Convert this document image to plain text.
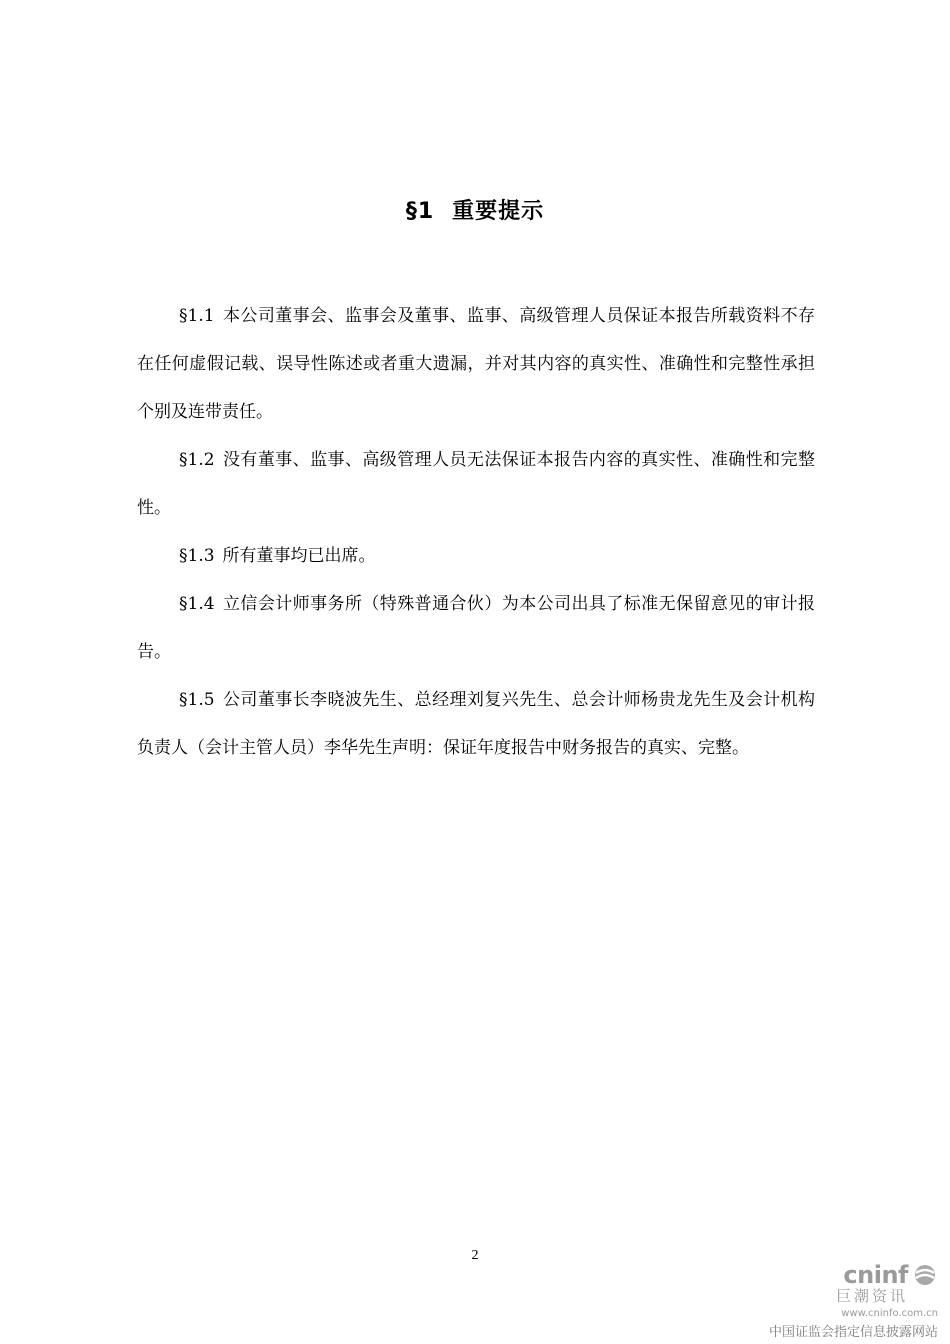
§1 重要提示

§1.1 本公司董事会、监事会及董事、监事、高级管理人员保证本报告所载资料不存在任何虚假记载、误导性陈述或者重大遗漏，并对其内容的真实性、准确性和完整性承担个别及连带责任。

§1.2 没有董事、监事、高级管理人员无法保证本报告内容的真实性、准确性和完整性。

§1.3 所有董事均已出席。

§1.4 立信会计师事务所（特殊普通合伙）为本公司出具了标准无保留意见的审计报告。

§1.5 公司董事长李晓波先生、总经理刘复兴先生、总会计师杨贵龙先生及会计机构负责人（会计主管人员）李华先生声明：保证年度报告中财务报告的真实、完整。

2
cninf
巨潮资讯
www.cninfo.com.cn
中国证监会指定信息披露网站
